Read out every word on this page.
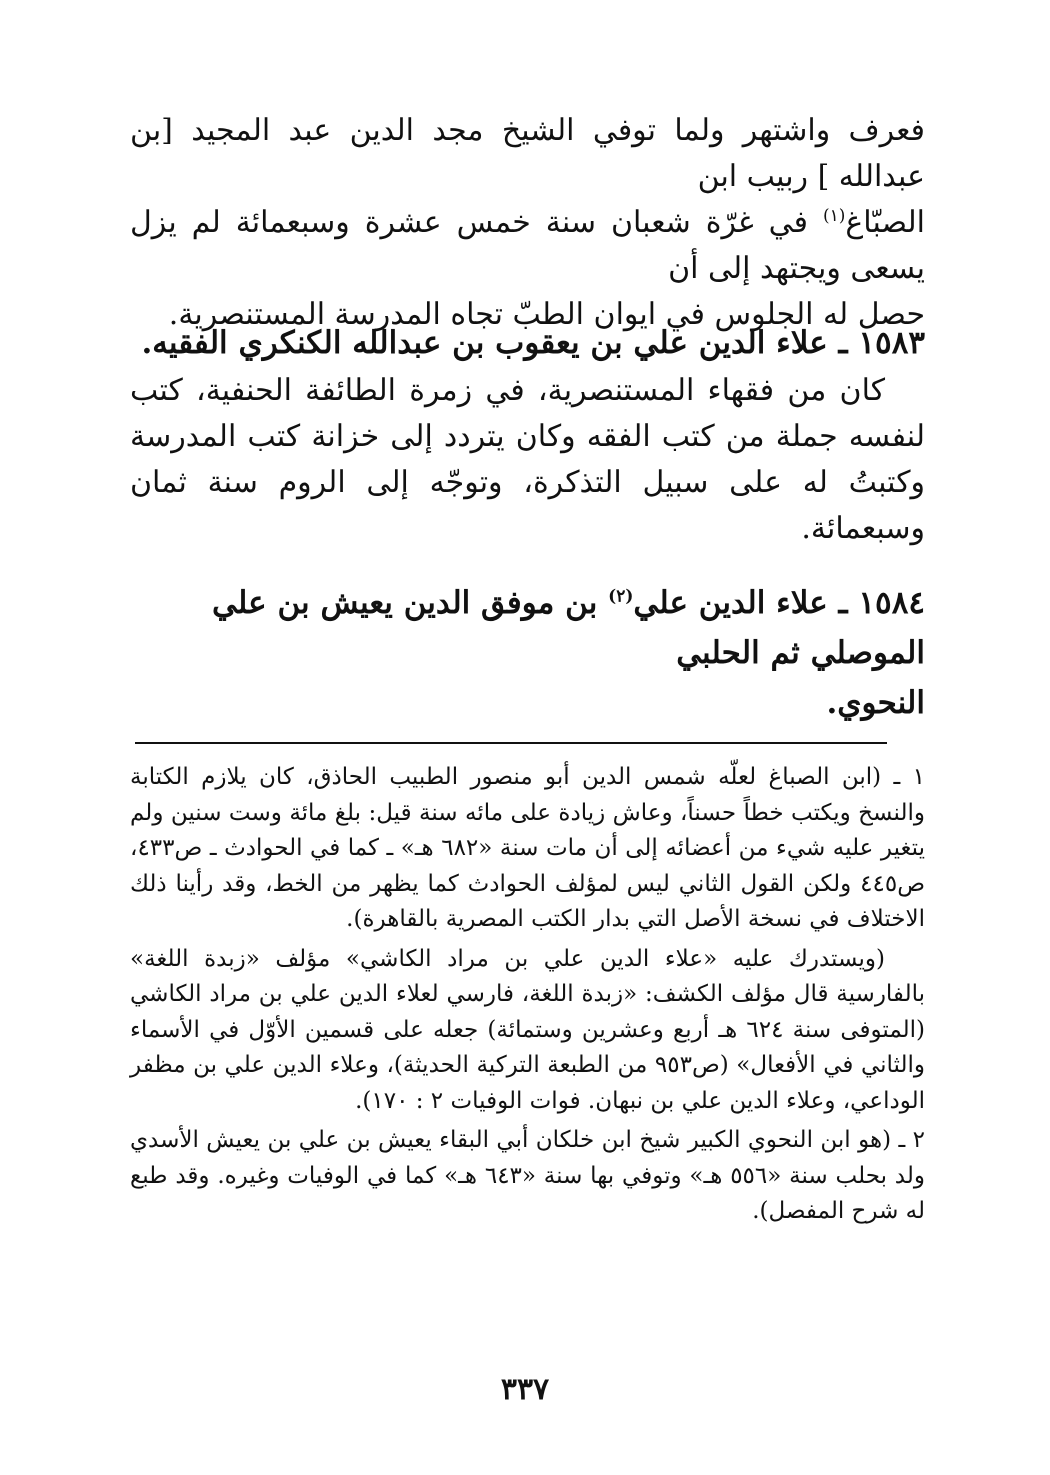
فعرف واشتهر ولما توفي الشيخ مجد الدين عبد المجيد [بن عبدالله ] ربيب ابن

الصبّاغ$^{(١)}$ في غرّة شعبان سنة خمس عشرة وسبعمائة لم يزل يسعى ويجتهد إلى أن

حصل له الجلوس في ايوان الطبّ تجاه المدرسة المستنصرية.

١٥٨٣ ـ علاء الدين علي بن يعقوب بن عبدالله الكنكري الفقيه.

كان من فقهاء المستنصرية، في زمرة الطائفة الحنفية، كتب لنفسه جملة من كتب الفقه وكان يتردد إلى خزانة كتب المدرسة وكتبتُ له على سبيل التذكرة، وتوجّه إلى الروم سنة ثمان وسبعمائة.

١٥٨٤ ـ علاء الدين علي$^{(٢)}$ بن موفق الدين يعيش بن علي الموصلي ثم الحلبي

النحوي.

١ ـ (ابن الصباغ لعلّه شمس الدين أبو منصور الطبيب الحاذق، كان يلازم الكتابة والنسخ ويكتب خطاً حسناً، وعاش زيادة على مائه سنة قيل: بلغ مائة وست سنين ولم يتغير عليه شيء من أعضائه إلى أن مات سنة «٦٨٢ هـ» ـ كما في الحوادث ـ ص٤٣٣، ص٤٤٥ ولكن القول الثاني ليس لمؤلف الحوادث كما يظهر من الخط، وقد رأينا ذلك الاختلاف في نسخة الأصل التي بدار الكتب المصرية بالقاهرة).

(ويستدرك عليه «علاء الدين علي بن مراد الكاشي» مؤلف «زبدة اللغة» بالفارسية قال مؤلف الكشف: «زبدة اللغة، فارسي لعلاء الدين علي بن مراد الكاشي (المتوفى سنة ٦٢٤ هـ أربع وعشرين وستمائة) جعله على قسمين الأوّل في الأسماء والثاني في الأفعال» (ص٩٥٣ من الطبعة التركية الحديثة)، وعلاء الدين علي بن مظفر الوداعي، وعلاء الدين علي بن نبهان. فوات الوفيات ٢ : ١٧٠).

٢ ـ (هو ابن النحوي الكبير شيخ ابن خلكان أبي البقاء يعيش بن علي بن يعيش الأسدي ولد بحلب سنة «٥٥٦ هـ» وتوفي بها سنة «٦٤٣ هـ» كما في الوفيات وغيره. وقد طبع له شرح المفصل).

٣٣٧
